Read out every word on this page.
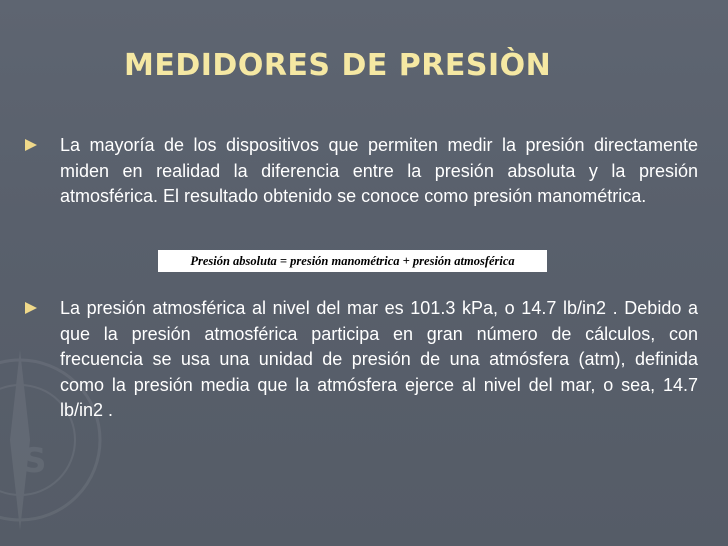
S
MEDIDORES DE PRESIÒN

La mayoría de los dispositivos que permiten medir la presión directamente miden en realidad la diferencia entre la presión absoluta y la presión atmosférica. El resultado obtenido se conoce como presión manométrica.

Presión absoluta = presión manométrica + presión atmosférica

La presión atmosférica al nivel del mar es 101.3 kPa, o 14.7 lb/in2 . Debido a que la presión atmosférica participa en gran número de cálculos, con frecuencia se usa una unidad de presión de una atmósfera (atm), definida como la presión media que la atmósfera ejerce al nivel del mar, o sea, 14.7 lb/in2 .
